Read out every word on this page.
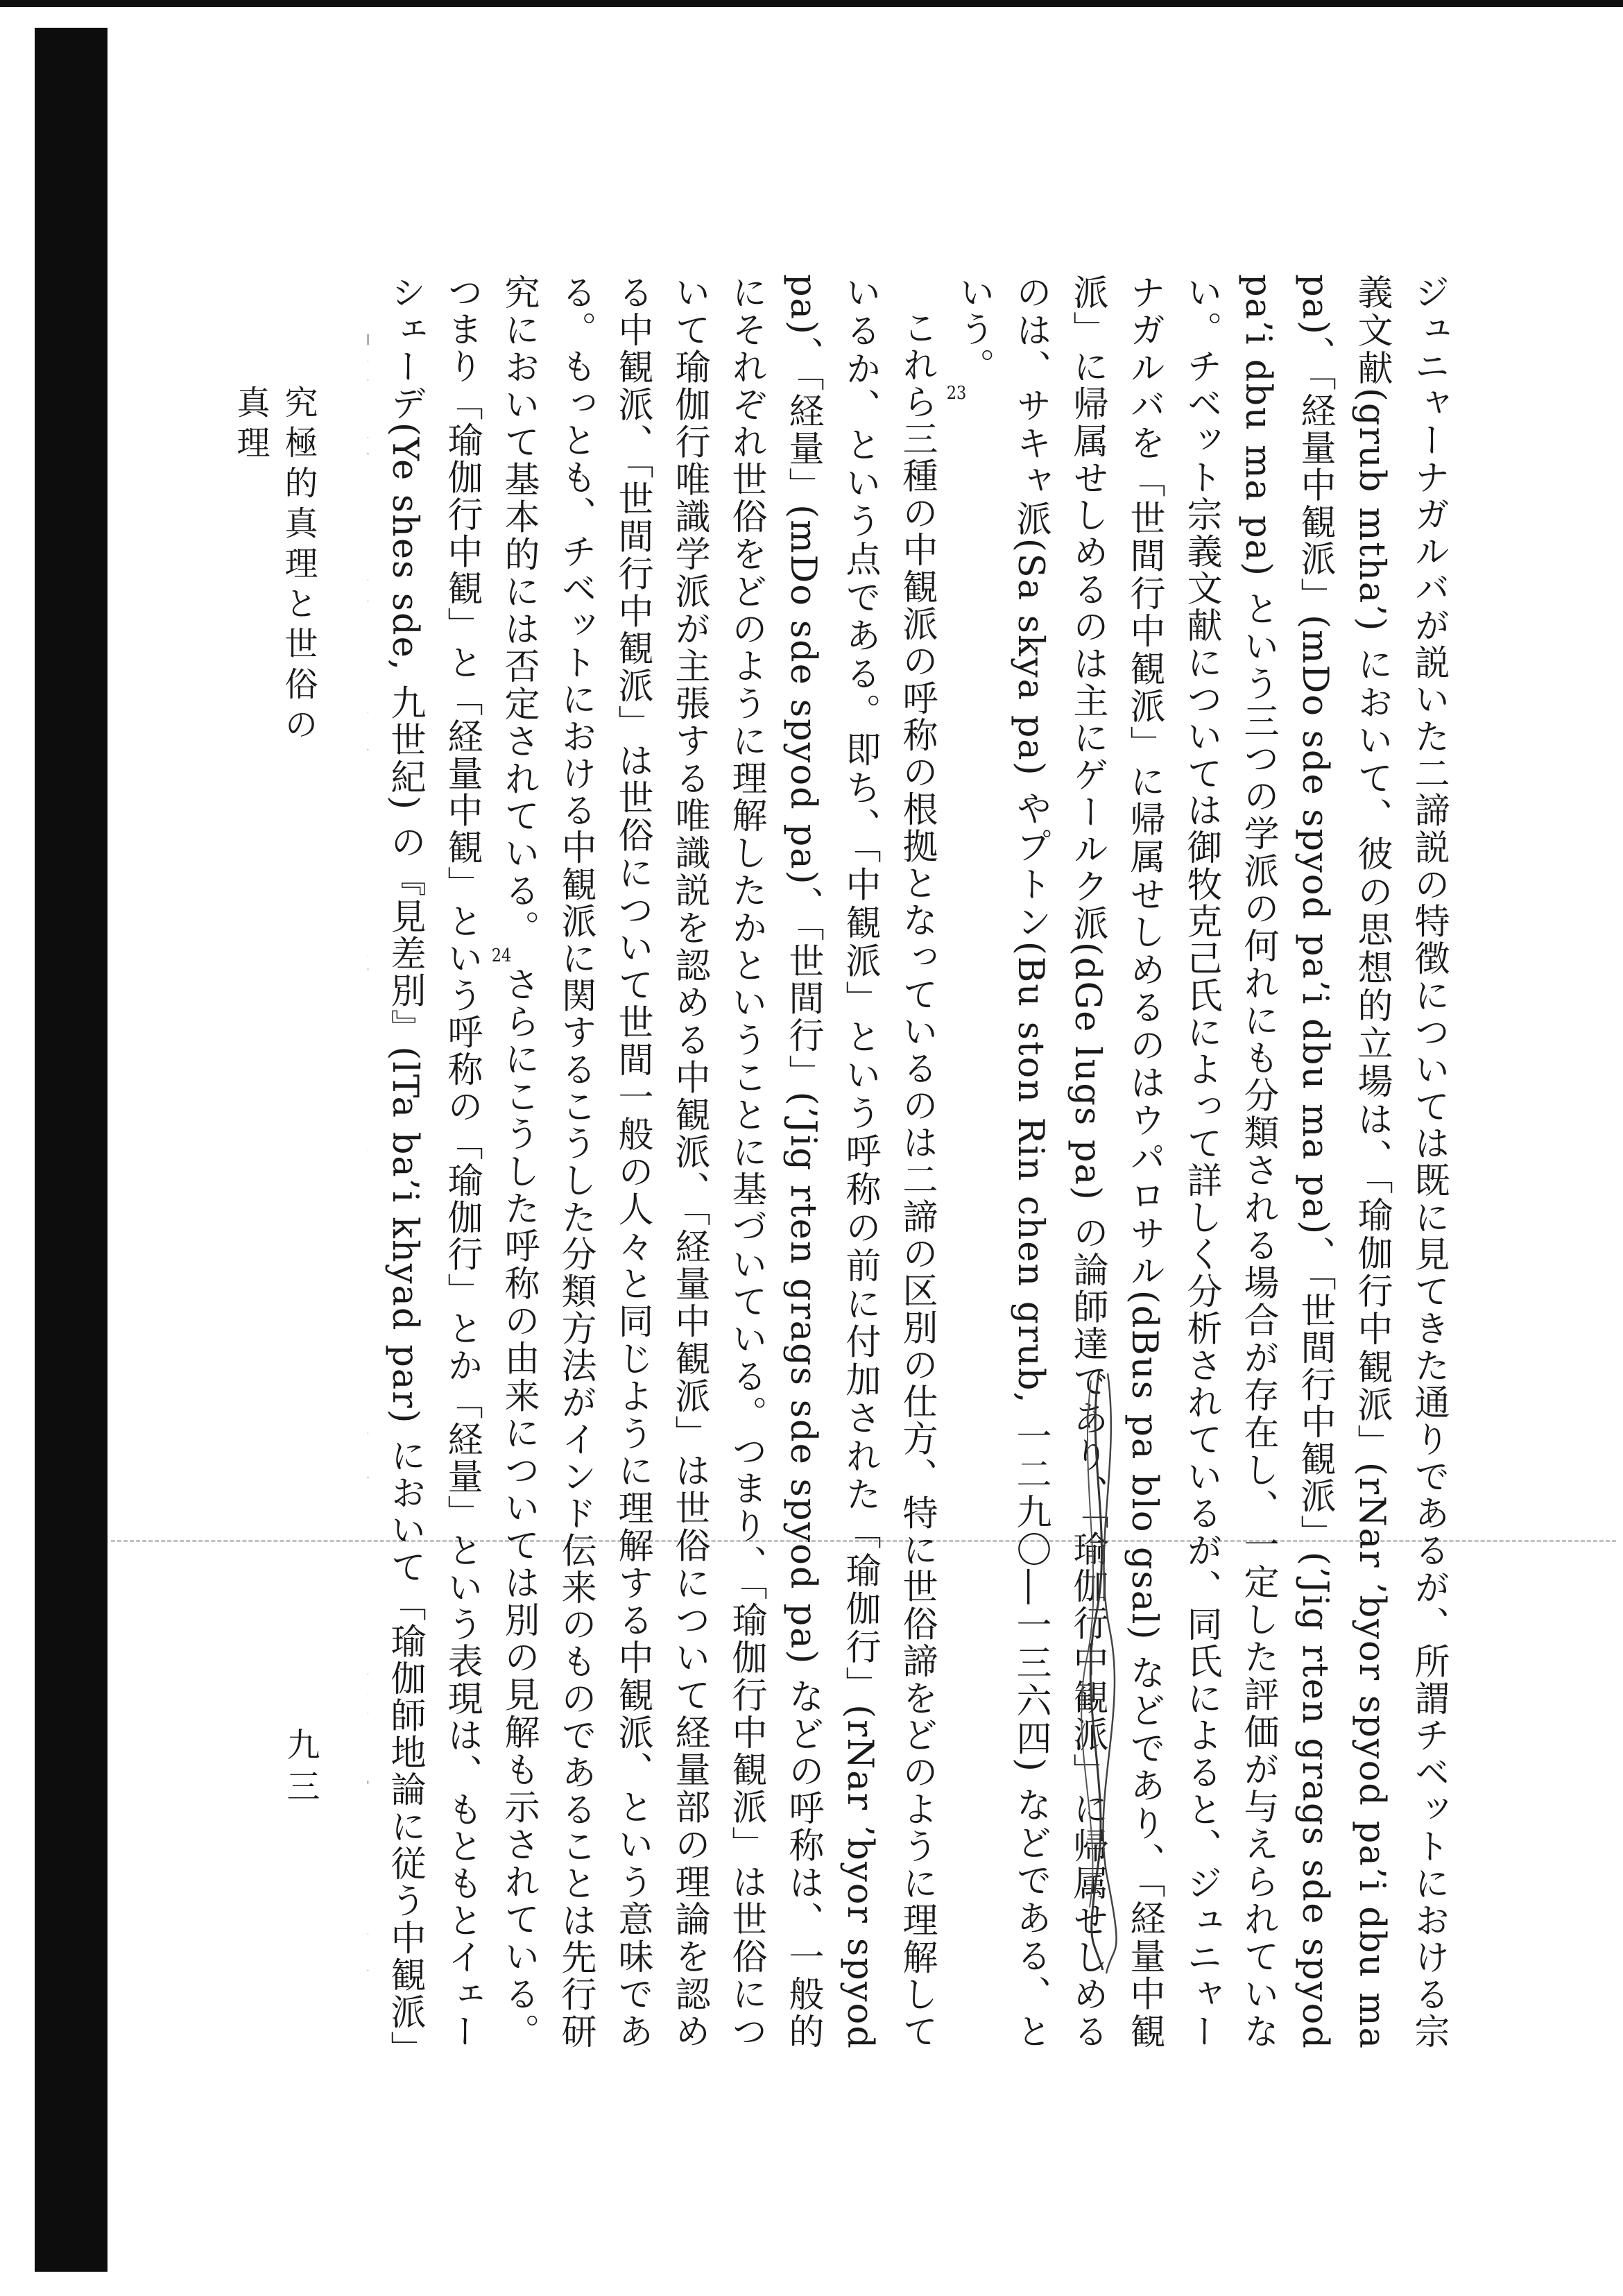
ジュニャーナガルバが説いた二諦説の特徴については既に見てきた通りであるが、所謂チベットにおける宗義文献(grub mtha’) において、彼の思想的立場は、「瑜伽行中観派」(rNar ’byor spyod pa’i dbu ma pa)、「経量中観派」(mDo sde spyod pa’i dbu ma pa)、「世間行中観派」(’Jig rten grags sde spyod pa’i dbu ma pa) という三つの学派の何れにも分類される場合が存在し、一定した評価が与えられていない。チベット宗義文献については御牧克己氏によって詳しく分析されているが、同氏によると、ジュニャーナガルバを「世間行中観派」に帰属せしめるのはウパロサル(dBus pa blo gsal) などであり、「経量中観派」に帰属せしめるのは主にゲールク派(dGe lugs pa) の論師達であり、「瑜伽行中観派」に帰属せしめるのは、サキャ派(Sa skya pa) やプトン(Bu ston Rin chen grub, 一二九〇―一三六四) などである、という。23

これら三種の中観派の呼称の根拠となっているのは二諦の区別の仕方、特に世俗諦をどのように理解しているか、という点である。即ち、「中観派」という呼称の前に付加された「瑜伽行」(rNar ’byor spyod pa)、「経量」(mDo sde spyod pa)、「世間行」(’Jig rten grags sde spyod pa) などの呼称は、一般的にそれぞれ世俗をどのように理解したかということに基づいている。つまり、「瑜伽行中観派」は世俗について瑜伽行唯識学派が主張する唯識説を認める中観派、「経量中観派」は世俗について経量部の理論を認める中観派、「世間行中観派」は世俗について世間一般の人々と同じように理解する中観派、という意味である。もっとも、チベットにおける中観派に関するこうした分類方法がインド伝来のものであることは先行研究において基本的には否定されている。24さらにこうした呼称の由来については別の見解も示されている。つまり「瑜伽行中観」と「経量中観」という呼称の「瑜伽行」とか「経量」という表現は、もともとイェーシェーデ(Ye shes sde, 九世紀) の『見差別』(lTa ba’i khyad par) において「瑜伽師地論に従う中観派」

究極的真理と世俗の真理
九三
